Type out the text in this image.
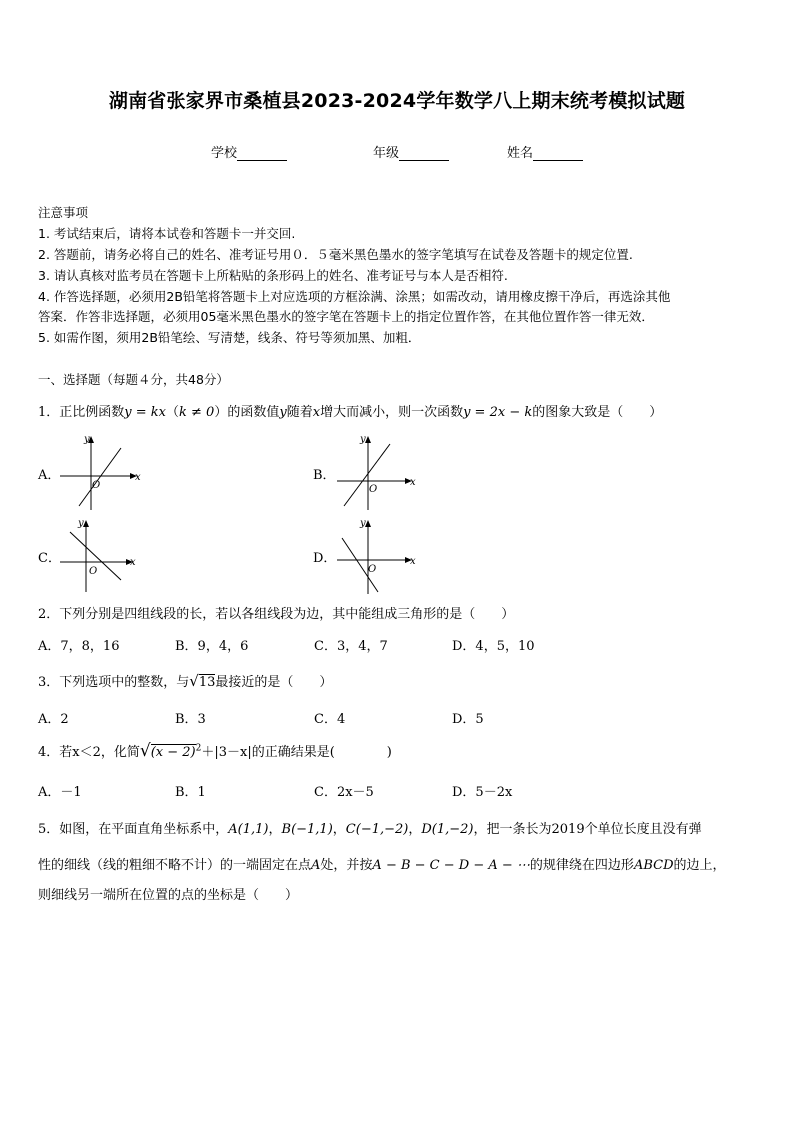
湖南省张家界市桑植县2023-2024学年数学八上期末统考模拟试题
学校	年级	姓名
注意事项
1. 考试结束后，请将本试卷和答题卡一并交回.
2. 答题前，请务必将自己的姓名、准考证号用０．５毫米黑色墨水的签字笔填写在试卷及答题卡的规定位置.
3. 请认真核对监考员在答题卡上所粘贴的条形码上的姓名、准考证号与本人是否相符.
4. 作答选择题，必须用2B铅笔将答题卡上对应选项的方框涂满、涂黑；如需改动，请用橡皮擦干净后，再选涂其他
答案．作答非选择题，必须用05毫米黑色墨水的签字笔在答题卡上的指定位置作答，在其他位置作答一律无效．
5. 如需作图，须用2B铅笔绘、写清楚，线条、符号等须加黑、加粗．
一、选择题（每题４分，共48分）
1．正比例函数y = kx（k ≠ 0）的函数值y随着x增大而减小，则一次函数y = 2x − k的图象大致是（　　）
A．	x
y
O
B．	x
y
O
C．	x
y
O
D．	x
y
O
2．下列分别是四组线段的长，若以各组线段为边，其中能组成三角形的是（　　）
A．7，8，16	B．9，4，6	C．3，4，7	D．4，5，10
3．下列选项中的整数，与√13最接近的是（　　）
A．2	B．3	C．4	D．5
4．若x＜2，化简$√(x - 2)^2+|3-x|$的正确结果是(　　　　)
A．－1	B．1	C．2x－5	D．5－2x
5．如图，在平面直角坐标系中，A(1,1)，B(−1,1)，C(−1,−2)，D(1,−2)，把一条长为2019个单位长度且没有弹
性的细线（线的粗细不略不计）的一端固定在点A处，并按A − B − C − D − A − ⋯的规律绕在四边形ABCD的边上，
则细线另一端所在位置的点的坐标是（　　）
